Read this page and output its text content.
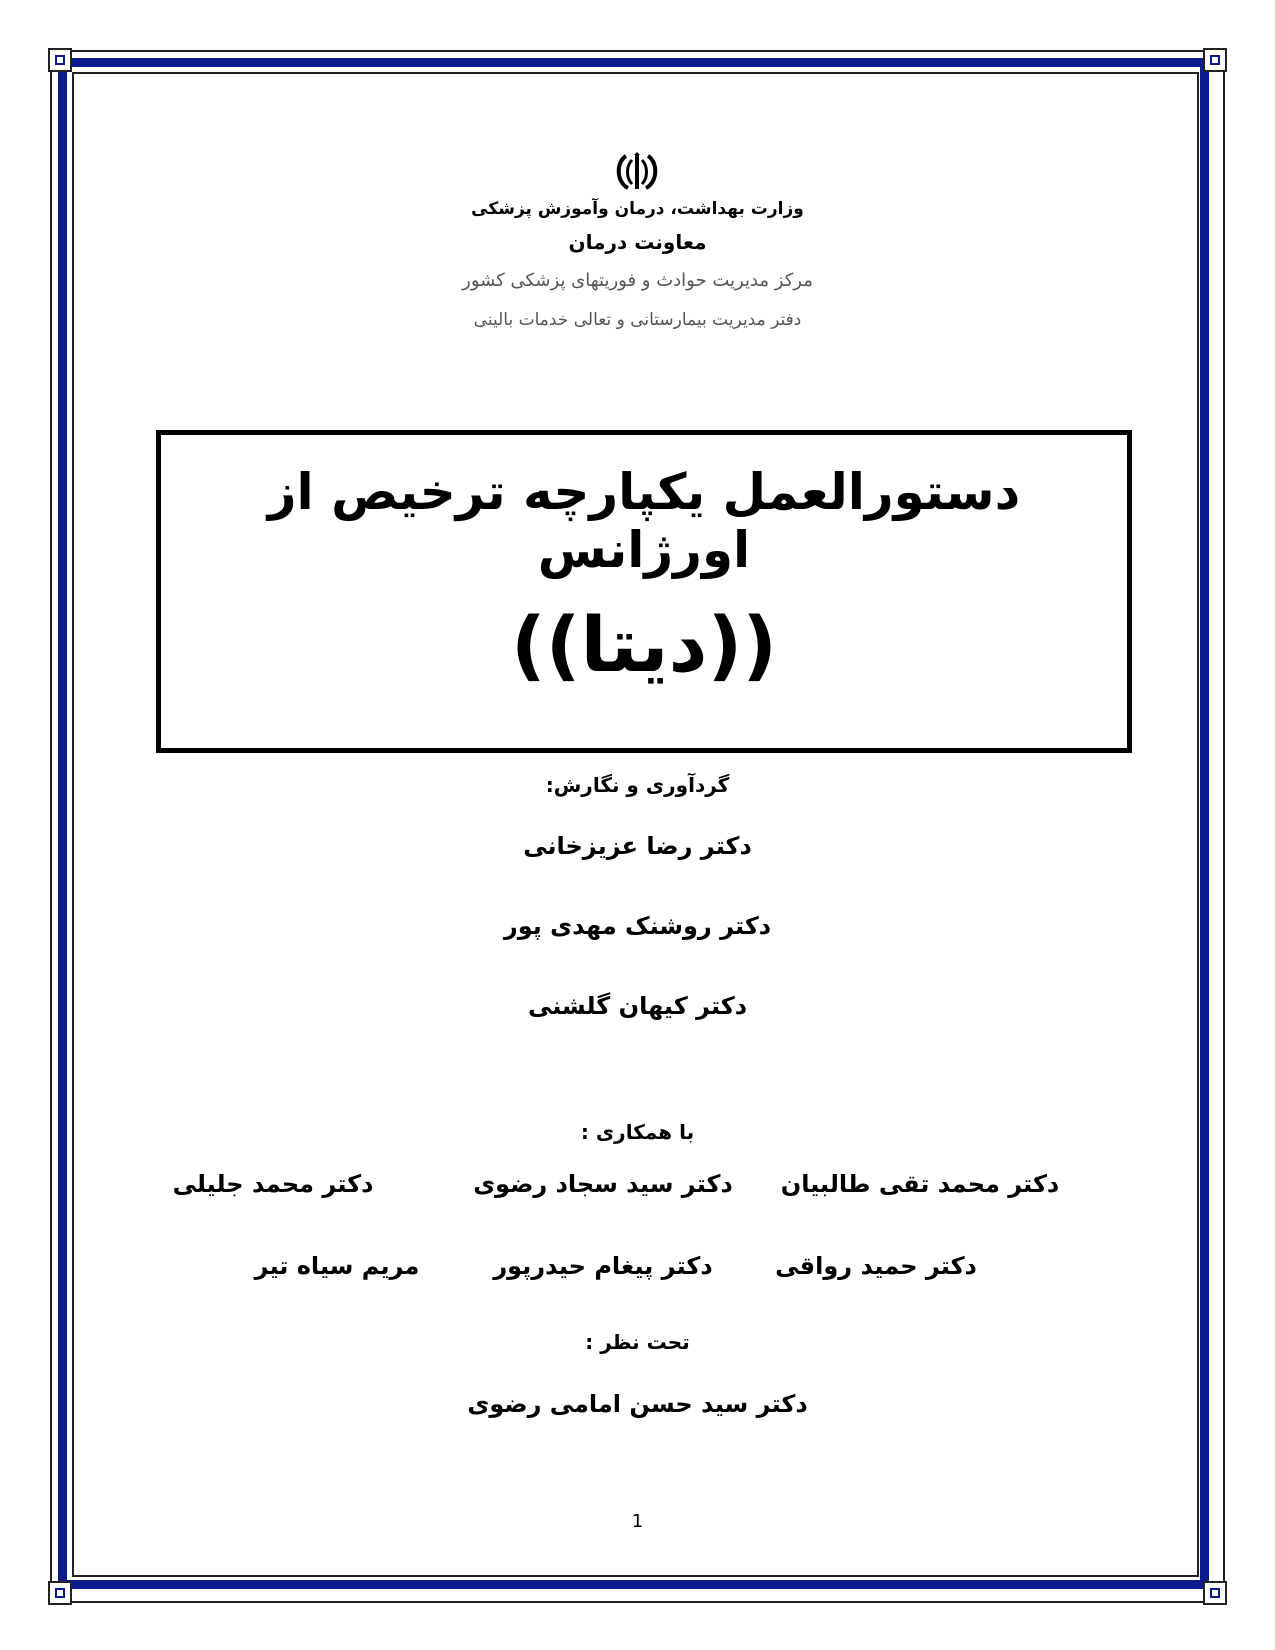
وزارت بهداشت، درمان وآموزش پزشکی
معاونت درمان
مرکز مدیریت حوادث و فوریتهای پزشکی کشور
دفتر مدیریت بیمارستانی و تعالی خدمات بالینی
دستورالعمل یکپارچه ترخیص از اورژانس
((دیتا))
گردآوری و نگارش:
دکتر رضا عزیزخانی
دکتر روشنک مهدی پور
دکتر کیهان گلشنی
با همکاری :
دکتر محمد تقی طالبیان
دکتر سید سجاد رضوی
دکتر محمد جلیلی
دکتر حمید رواقی
دکتر پیغام حیدرپور
مریم سیاه تیر
تحت نظر :
دکتر سید حسن امامی رضوی
1
